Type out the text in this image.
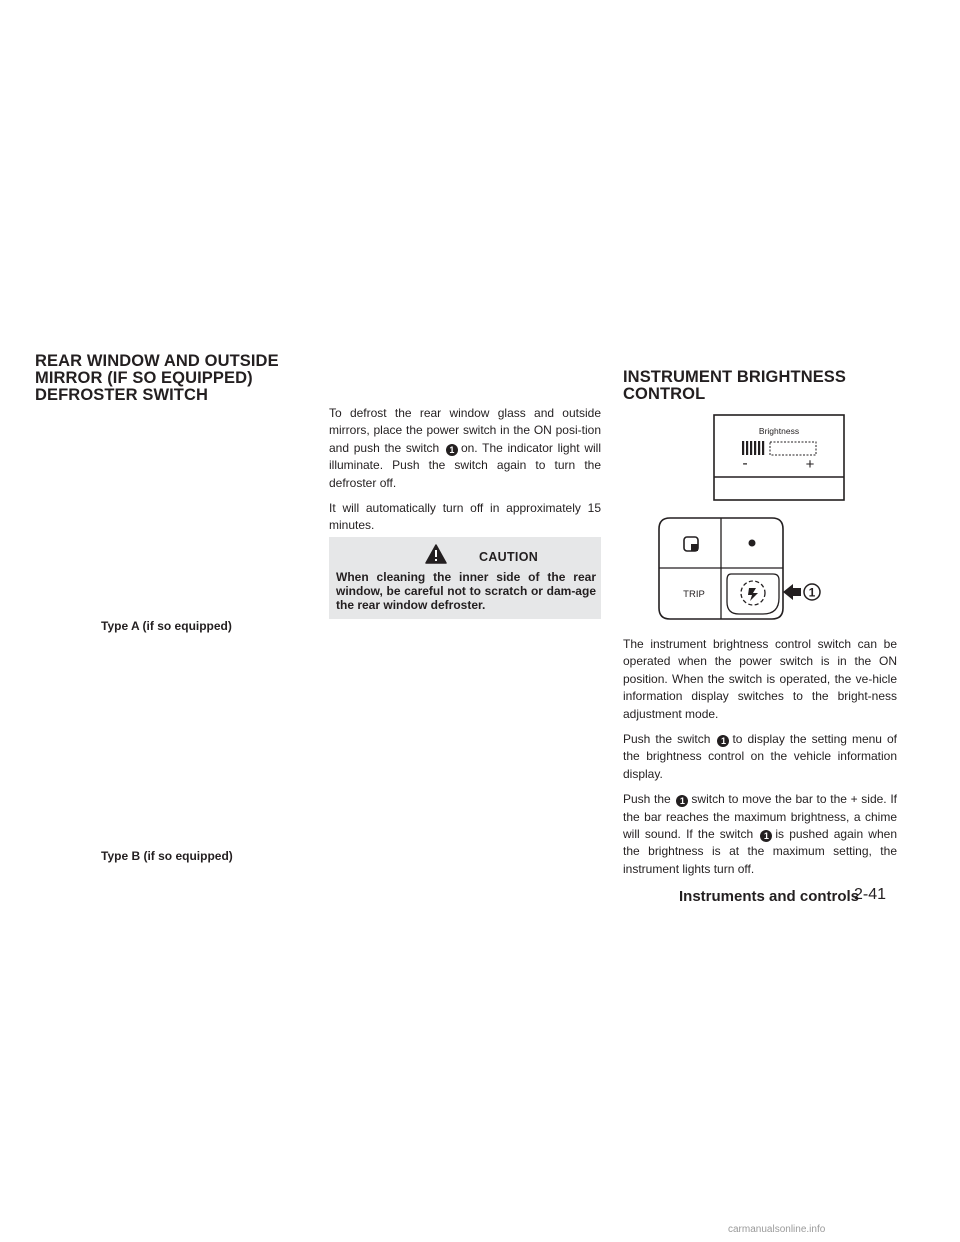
REAR WINDOW AND OUTSIDE
MIRROR (IF SO EQUIPPED)
DEFROSTER SWITCH
INSTRUMENT BRIGHTNESS
CONTROL

To defrost the rear window glass and outside mirrors, place the power switch in the ON posi-tion and push the switch 1 on. The indicator light will illuminate. Push the switch again to turn the defroster off.

It will automatically turn off in approximately 15 minutes.

CAUTION
When cleaning the inner side of the rear window, be careful not to scratch or dam-age the rear window defroster.
Type A (if so equipped)
Type B (if so equipped)
Brightness
-	+
TRIP	1

The instrument brightness control switch can be operated when the power switch is in the ON position. When the switch is operated, the ve-hicle information display switches to the bright-ness adjustment mode.

Push the switch 1 to display the setting menu of the brightness control on the vehicle information display.

Push the 1 switch to move the bar to the + side. If the bar reaches the maximum brightness, a chime will sound. If the switch 1 is pushed again when the brightness is at the maximum setting, the instrument lights turn off.

Instruments and controls
2-41
carmanualsonline.info
